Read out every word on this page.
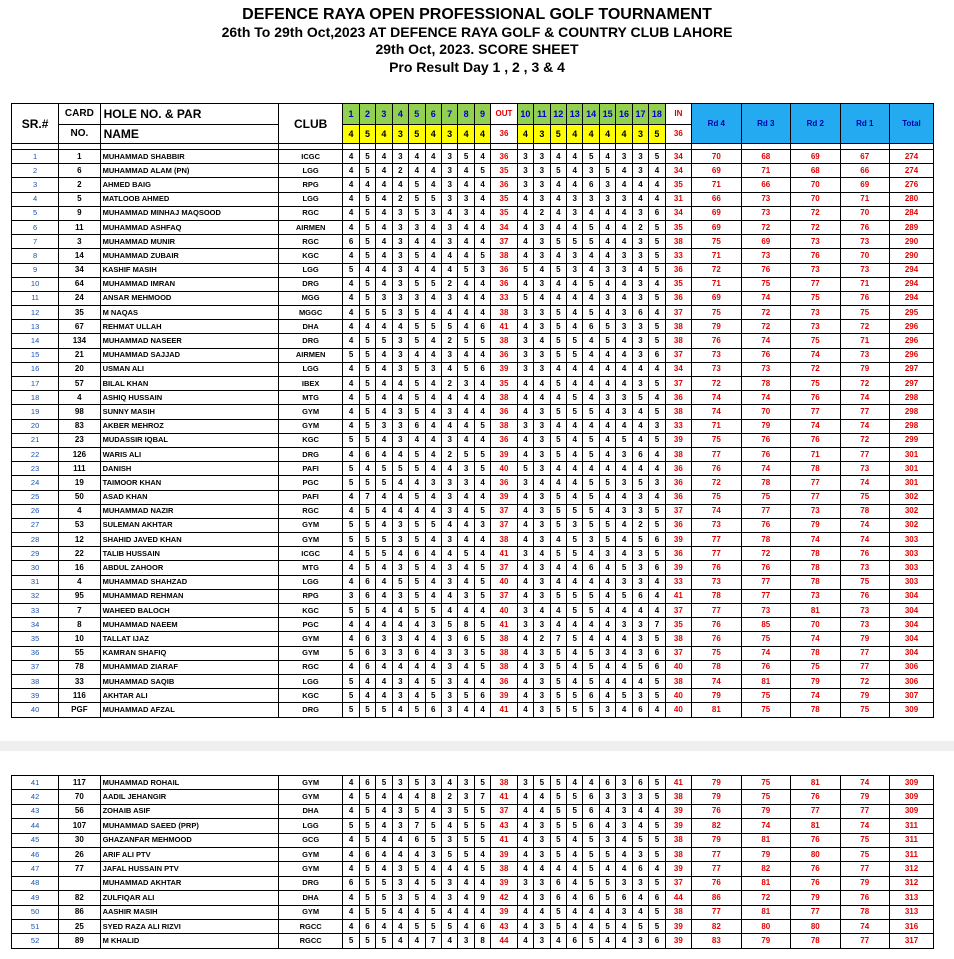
DEFENCE RAYA OPEN PROFESSIONAL GOLF TOURNAMENT
26th To 29th Oct,2023 AT DEFENCE RAYA GOLF & COUNTRY CLUB LAHORE
29th Oct, 2023. SCORE SHEET
Pro Result Day 1 , 2 , 3 & 4
SR.#	CARD	HOLE NO. & PAR	CLUB	1	2	3	4	5	6	7	8	9	OUT	10	11	12	13	14	15	16	17	18	IN	Rd 4	Rd 3	Rd 2	Rd 1	Total
	NO.	NAME		4	5	4	3	5	4	3	4	4	36	4	3	5	4	4	4	4	3	5	36					

1	1	MUHAMMAD SHABBIR	ICGC	4	5	4	3	4	4	3	5	4	36	3	3	4	4	5	4	3	3	5	34	70	68	69	67	274
2	6	MUHAMMAD ALAM (PN)	LGG	4	5	4	2	4	4	3	4	5	35	3	3	5	4	3	5	4	3	4	34	69	71	68	66	274
3	2	AHMED BAIG	RPG	4	4	4	4	5	4	3	4	4	36	3	3	4	4	6	3	4	4	4	35	71	66	70	69	276
4	5	MATLOOB AHMED	LGG	4	5	4	2	5	5	3	3	4	35	4	3	4	3	3	3	3	4	4	31	66	73	70	71	280
5	9	MUHAMMAD MINHAJ MAQSOOD	RGC	4	5	4	3	5	3	4	3	4	35	4	2	4	3	4	4	4	3	6	34	69	73	72	70	284
6	11	MUHAMMAD ASHFAQ	AIRMEN	4	5	4	3	3	4	3	4	4	34	4	3	4	4	5	4	4	2	5	35	69	72	72	76	289
7	3	MUHAMMAD MUNIR	RGC	6	5	4	3	4	4	3	4	4	37	4	3	5	5	5	4	4	3	5	38	75	69	73	73	290
8	14	MUHAMMAD ZUBAIR	KGC	4	5	4	3	5	4	4	4	5	38	4	3	4	3	4	4	3	3	5	33	71	73	76	70	290
9	34	KASHIF MASIH	LGG	5	4	4	3	4	4	4	5	3	36	5	4	5	3	4	3	3	4	5	36	72	76	73	73	294
10	64	MUHAMMAD IMRAN	DRG	4	5	4	3	5	5	2	4	4	36	4	3	4	4	5	4	4	3	4	35	71	75	77	71	294
11	24	ANSAR MEHMOOD	MGG	4	5	3	3	3	4	3	4	4	33	5	4	4	4	4	3	4	3	5	36	69	74	75	76	294
12	35	M NAQAS	MGGC	4	5	5	3	5	4	4	4	4	38	3	3	5	4	5	4	3	6	4	37	75	72	73	75	295
13	67	REHMAT ULLAH	DHA	4	4	4	4	5	5	5	4	6	41	4	3	5	4	6	5	3	3	5	38	79	72	73	72	296
14	134	MUHAMMAD NASEER	DRG	4	5	5	3	5	4	2	5	5	38	3	4	5	5	4	5	4	3	5	38	76	74	75	71	296
15	21	MUHAMMAD SAJJAD	AIRMEN	5	5	4	3	4	4	3	4	4	36	3	3	5	5	4	4	4	3	6	37	73	76	74	73	296
16	20	USMAN ALI	LGG	4	5	4	3	5	3	4	5	6	39	3	3	4	4	4	4	4	4	4	34	73	73	72	79	297
17	57	BILAL KHAN	IBEX	4	5	4	4	5	4	2	3	4	35	4	4	5	4	4	4	4	3	5	37	72	78	75	72	297
18	4	ASHIQ HUSSAIN	MTG	4	5	4	4	5	4	4	4	4	38	4	4	4	5	4	3	3	5	4	36	74	74	76	74	298
19	98	SUNNY MASIH	GYM	4	5	4	3	5	4	3	4	4	36	4	3	5	5	5	4	3	4	5	38	74	70	77	77	298
20	83	AKBER MEHROZ	GYM	4	5	3	3	6	4	4	4	5	38	3	3	4	4	4	4	4	4	3	33	71	79	74	74	298
21	23	MUDASSIR IQBAL	KGC	5	5	4	3	4	4	3	4	4	36	4	3	5	4	5	4	5	4	5	39	75	76	76	72	299
22	126	WARIS ALI	DRG	4	6	4	4	5	4	2	5	5	39	4	3	5	4	5	4	3	6	4	38	77	76	71	77	301
23	111	DANISH	PAFI	5	4	5	5	5	4	4	3	5	40	5	3	4	4	4	4	4	4	4	36	76	74	78	73	301
24	19	TAIMOOR KHAN	PGC	5	5	5	4	4	3	3	3	4	36	3	4	4	4	5	5	3	5	3	36	72	78	77	74	301
25	50	ASAD KHAN	PAFI	4	7	4	4	5	4	3	4	4	39	4	3	5	4	5	4	4	3	4	36	75	75	77	75	302
26	4	MUHAMMAD NAZIR	RGC	4	5	4	4	4	4	3	4	5	37	4	3	5	5	5	4	3	3	5	37	74	77	73	78	302
27	53	SULEMAN AKHTAR	GYM	5	5	4	3	5	5	4	4	3	37	4	3	5	3	5	5	4	2	5	36	73	76	79	74	302
28	12	SHAHID JAVED KHAN	GYM	5	5	5	3	5	4	3	4	4	38	4	3	4	5	3	5	4	5	6	39	77	78	74	74	303
29	22	TALIB HUSSAIN	ICGC	4	5	5	4	6	4	4	5	4	41	3	4	5	5	4	3	4	3	5	36	77	72	78	76	303
30	16	ABDUL ZAHOOR	MTG	4	5	4	3	5	4	3	4	5	37	4	3	4	4	6	4	5	3	6	39	76	76	78	73	303
31	4	MUHAMMAD SHAHZAD	LGG	4	6	4	5	5	4	3	4	5	40	4	3	4	4	4	4	3	3	4	33	73	77	78	75	303
32	95	MUHAMMAD REHMAN	RPG	3	6	4	3	5	4	4	3	5	37	4	3	5	5	5	4	5	6	4	41	78	77	73	76	304
33	7	WAHEED BALOCH	KGC	5	5	4	4	5	5	4	4	4	40	3	4	4	5	5	4	4	4	4	37	77	73	81	73	304
34	8	MUHAMMAD NAEEM	PGC	4	4	4	4	4	3	5	8	5	41	3	3	4	4	4	4	3	3	7	35	76	85	70	73	304
35	10	TALLAT IJAZ	GYM	4	6	3	3	4	4	3	6	5	38	4	2	7	5	4	4	4	3	5	38	76	75	74	79	304
36	55	KAMRAN SHAFIQ	GYM	5	6	3	3	6	4	3	3	5	38	4	3	5	4	5	3	4	3	6	37	75	74	78	77	304
37	78	MUHAMMAD ZIARAF	RGC	4	6	4	4	4	4	3	4	5	38	4	3	5	4	5	4	4	5	6	40	78	76	75	77	306
38	33	MUHAMMAD SAQIB	LGG	5	4	4	3	4	5	3	4	4	36	4	3	5	4	5	4	4	4	5	38	74	81	79	72	306
39	116	AKHTAR ALI	KGC	5	4	4	3	4	5	3	5	6	39	4	3	5	5	6	4	5	3	5	40	79	75	74	79	307
40	PGF	MUHAMMAD AFZAL	DRG	5	5	5	4	5	6	3	4	4	41	4	3	5	5	5	3	4	6	4	40	81	75	78	75	309
41	117	MUHAMMAD ROHAIL	GYM	4	6	5	3	5	3	4	3	5	38	3	5	5	4	4	6	3	6	5	41	79	75	81	74	309
42	70	AADIL JEHANGIR	GYM	4	5	4	4	4	8	2	3	7	41	4	4	5	5	6	3	3	3	5	38	79	75	76	79	309
43	56	ZOHAIB ASIF	DHA	4	5	4	3	5	4	3	5	5	37	4	4	5	5	6	4	3	4	4	39	76	79	77	77	309
44	107	MUHAMMAD SAEED (PRP)	LGG	5	5	4	3	7	5	4	5	5	43	4	3	5	5	6	4	3	4	5	39	82	74	81	74	311
45	30	GHAZANFAR MEHMOOD	GCG	4	5	4	4	6	5	3	5	5	41	4	3	5	4	5	3	4	5	5	38	79	81	76	75	311
46	26	ARIF ALI PTV	GYM	4	6	4	4	4	3	5	5	4	39	4	3	5	4	5	5	4	3	5	38	77	79	80	75	311
47	77	JAFAL HUSSAIN PTV	GYM	4	5	4	3	5	4	4	4	5	38	4	4	4	4	5	4	4	6	4	39	77	82	76	77	312
48		MUHAMMAD AKHTAR	DRG	6	5	5	3	4	5	3	4	4	39	3	3	6	4	5	5	3	3	5	37	76	81	76	79	312
49	82	ZULFIQAR ALI	DHA	4	5	5	3	5	4	3	4	9	42	4	3	6	4	6	5	6	4	6	44	86	72	79	76	313
50	86	AASHIR MASIH	GYM	4	5	5	4	4	5	4	4	4	39	4	4	5	4	4	4	3	4	5	38	77	81	77	78	313
51	25	SYED RAZA ALI RIZVI	RGCC	4	6	4	4	5	5	5	4	6	43	4	3	5	4	4	5	4	5	5	39	82	80	80	74	316
52	89	M KHALID	RGCC	5	5	5	4	4	7	4	3	8	44	4	3	4	6	5	4	4	3	6	39	83	79	78	77	317
